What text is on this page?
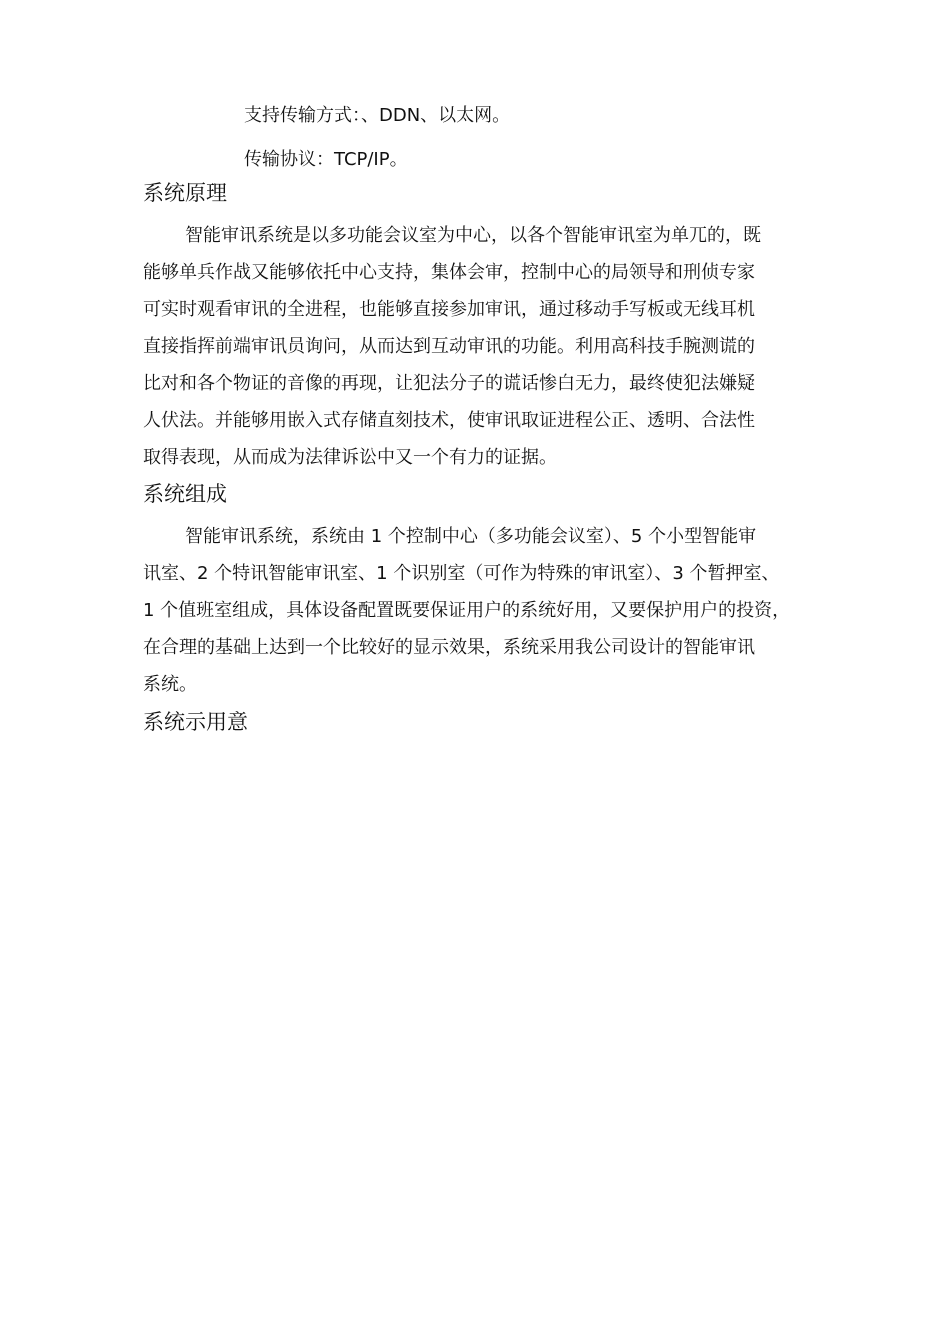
支持传输方式：、DDN、以太网。
传输协议：TCP/IP。
系统原理
智能审讯系统是以多功能会议室为中心，以各个智能审讯室为单兀的，既
能够单兵作战又能够依托中心支持，集体会审，控制中心的局领导和刑侦专家
可实时观看审讯的全进程，也能够直接参加审讯，通过移动手写板或无线耳机
直接指挥前端审讯员询问，从而达到互动审讯的功能。利用高科技手腕测谎的
比对和各个物证的音像的再现，让犯法分子的谎话惨白无力，最终使犯法嫌疑
人伏法。并能够用嵌入式存储直刻技术，使审讯取证进程公正、透明、合法性
取得表现，从而成为法律诉讼中又一个有力的证据。
系统组成
智能审讯系统，系统由 1 个控制中心（多功能会议室）、5 个小型智能审
讯室、2 个特讯智能审讯室、1 个识别室（可作为特殊的审讯室）、3 个暂押室、
1 个值班室组成，具体设备配置既要保证用户的系统好用，又要保护用户的投资，
在合理的基础上达到一个比较好的显示效果，系统采用我公司设计的智能审讯
系统。
系统示用意
